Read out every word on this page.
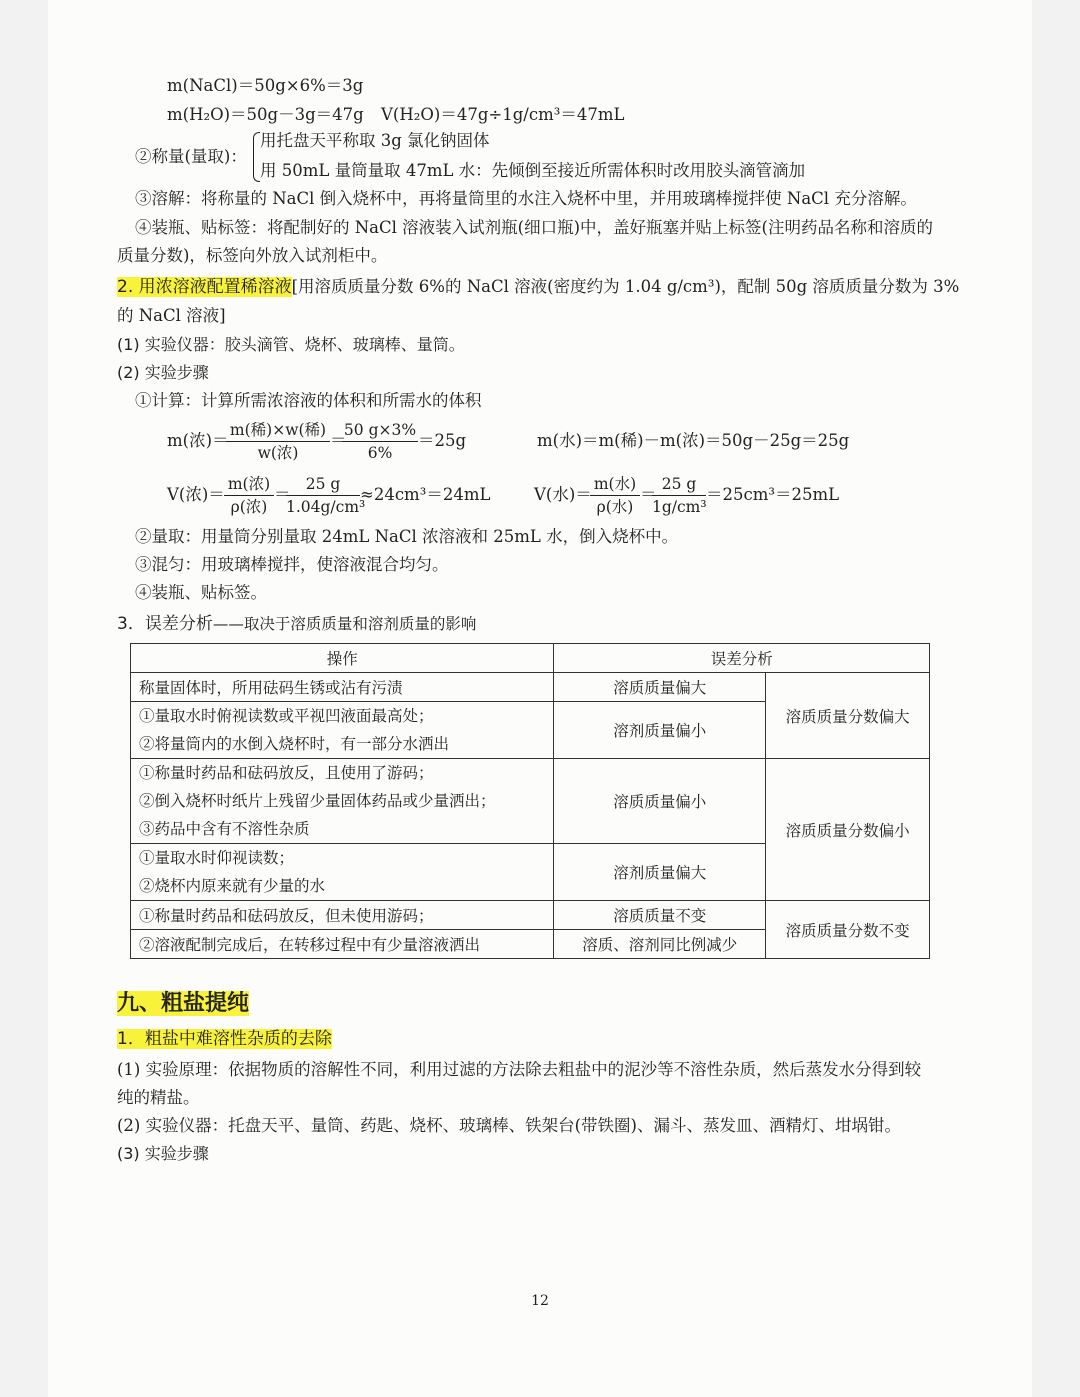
m(NaCl)＝50g×6%＝3g
m(H₂O)＝50g－3g＝47g V(H₂O)＝47g÷1g/cm³＝47mL
②称量(量取)：
用托盘天平称取 3g 氯化钠固体
用 50mL 量筒量取 47mL 水：先倾倒至接近所需体积时改用胶头滴管滴加
③溶解：将称量的 NaCl 倒入烧杯中，再将量筒里的水注入烧杯中里，并用玻璃棒搅拌使 NaCl 充分溶解。
④装瓶、贴标签：将配制好的 NaCl 溶液装入试剂瓶(细口瓶)中，盖好瓶塞并贴上标签(注明药品名称和溶质的
质量分数)，标签向外放入试剂柜中。
2. 用浓溶液配置稀溶液[用溶质质量分数 6%的 NaCl 溶液(密度约为 1.04 g/cm³)，配制 50g 溶质质量分数为 3%
的 NaCl 溶液]
(1) 实验仪器：胶头滴管、烧杯、玻璃棒、量筒。
(2) 实验步骤
①计算：计算所需浓溶液的体积和所需水的体积
m(浓)＝
m(稀)×w(稀)
w(浓)
＝
50 g×3%
6%
＝25g	m(水)＝m(稀)－m(浓)＝50g－25g＝25g
V(浓)＝
m(浓)
ρ(浓)
＝
25 g
1.04g/cm³
≈24cm³＝24mL	V(水)＝
m(水)
ρ(水)
＝
25 g
1g/cm³
＝25cm³＝25mL
②量取：用量筒分别量取 24mL NaCl 浓溶液和 25mL 水，倒入烧杯中。
③混匀：用玻璃棒搅拌，使溶液混合均匀。
④装瓶、贴标签。
3．误差分析——取决于溶质质量和溶剂质量的影响
操作	误差分析	
称量固体时，所用砝码生锈或沾有污渍	溶质质量偏大	溶质质量分数偏大

①量取水时俯视读数或平视凹液面最高处；
②将量筒内的水倒入烧杯时，有一部分水洒出	溶剂质量偏小	

①称量时药品和砝码放反，且使用了游码；
②倒入烧杯时纸片上残留少量固体药品或少量洒出；
③药品中含有不溶性杂质	溶质质量偏小	溶质质量分数偏小

①量取水时仰视读数；
②烧杯内原来就有少量的水	溶剂质量偏大	
①称量时药品和砝码放反，但未使用游码；	溶质质量不变	溶质质量分数不变
②溶液配制完成后，在转移过程中有少量溶液洒出	溶质、溶剂同比例减少	
九、粗盐提纯
1．粗盐中难溶性杂质的去除
(1) 实验原理：依据物质的溶解性不同，利用过滤的方法除去粗盐中的泥沙等不溶性杂质，然后蒸发水分得到较
纯的精盐。
(2) 实验仪器：托盘天平、量筒、药匙、烧杯、玻璃棒、铁架台(带铁圈)、漏斗、蒸发皿、酒精灯、坩埚钳。
(3) 实验步骤
12
